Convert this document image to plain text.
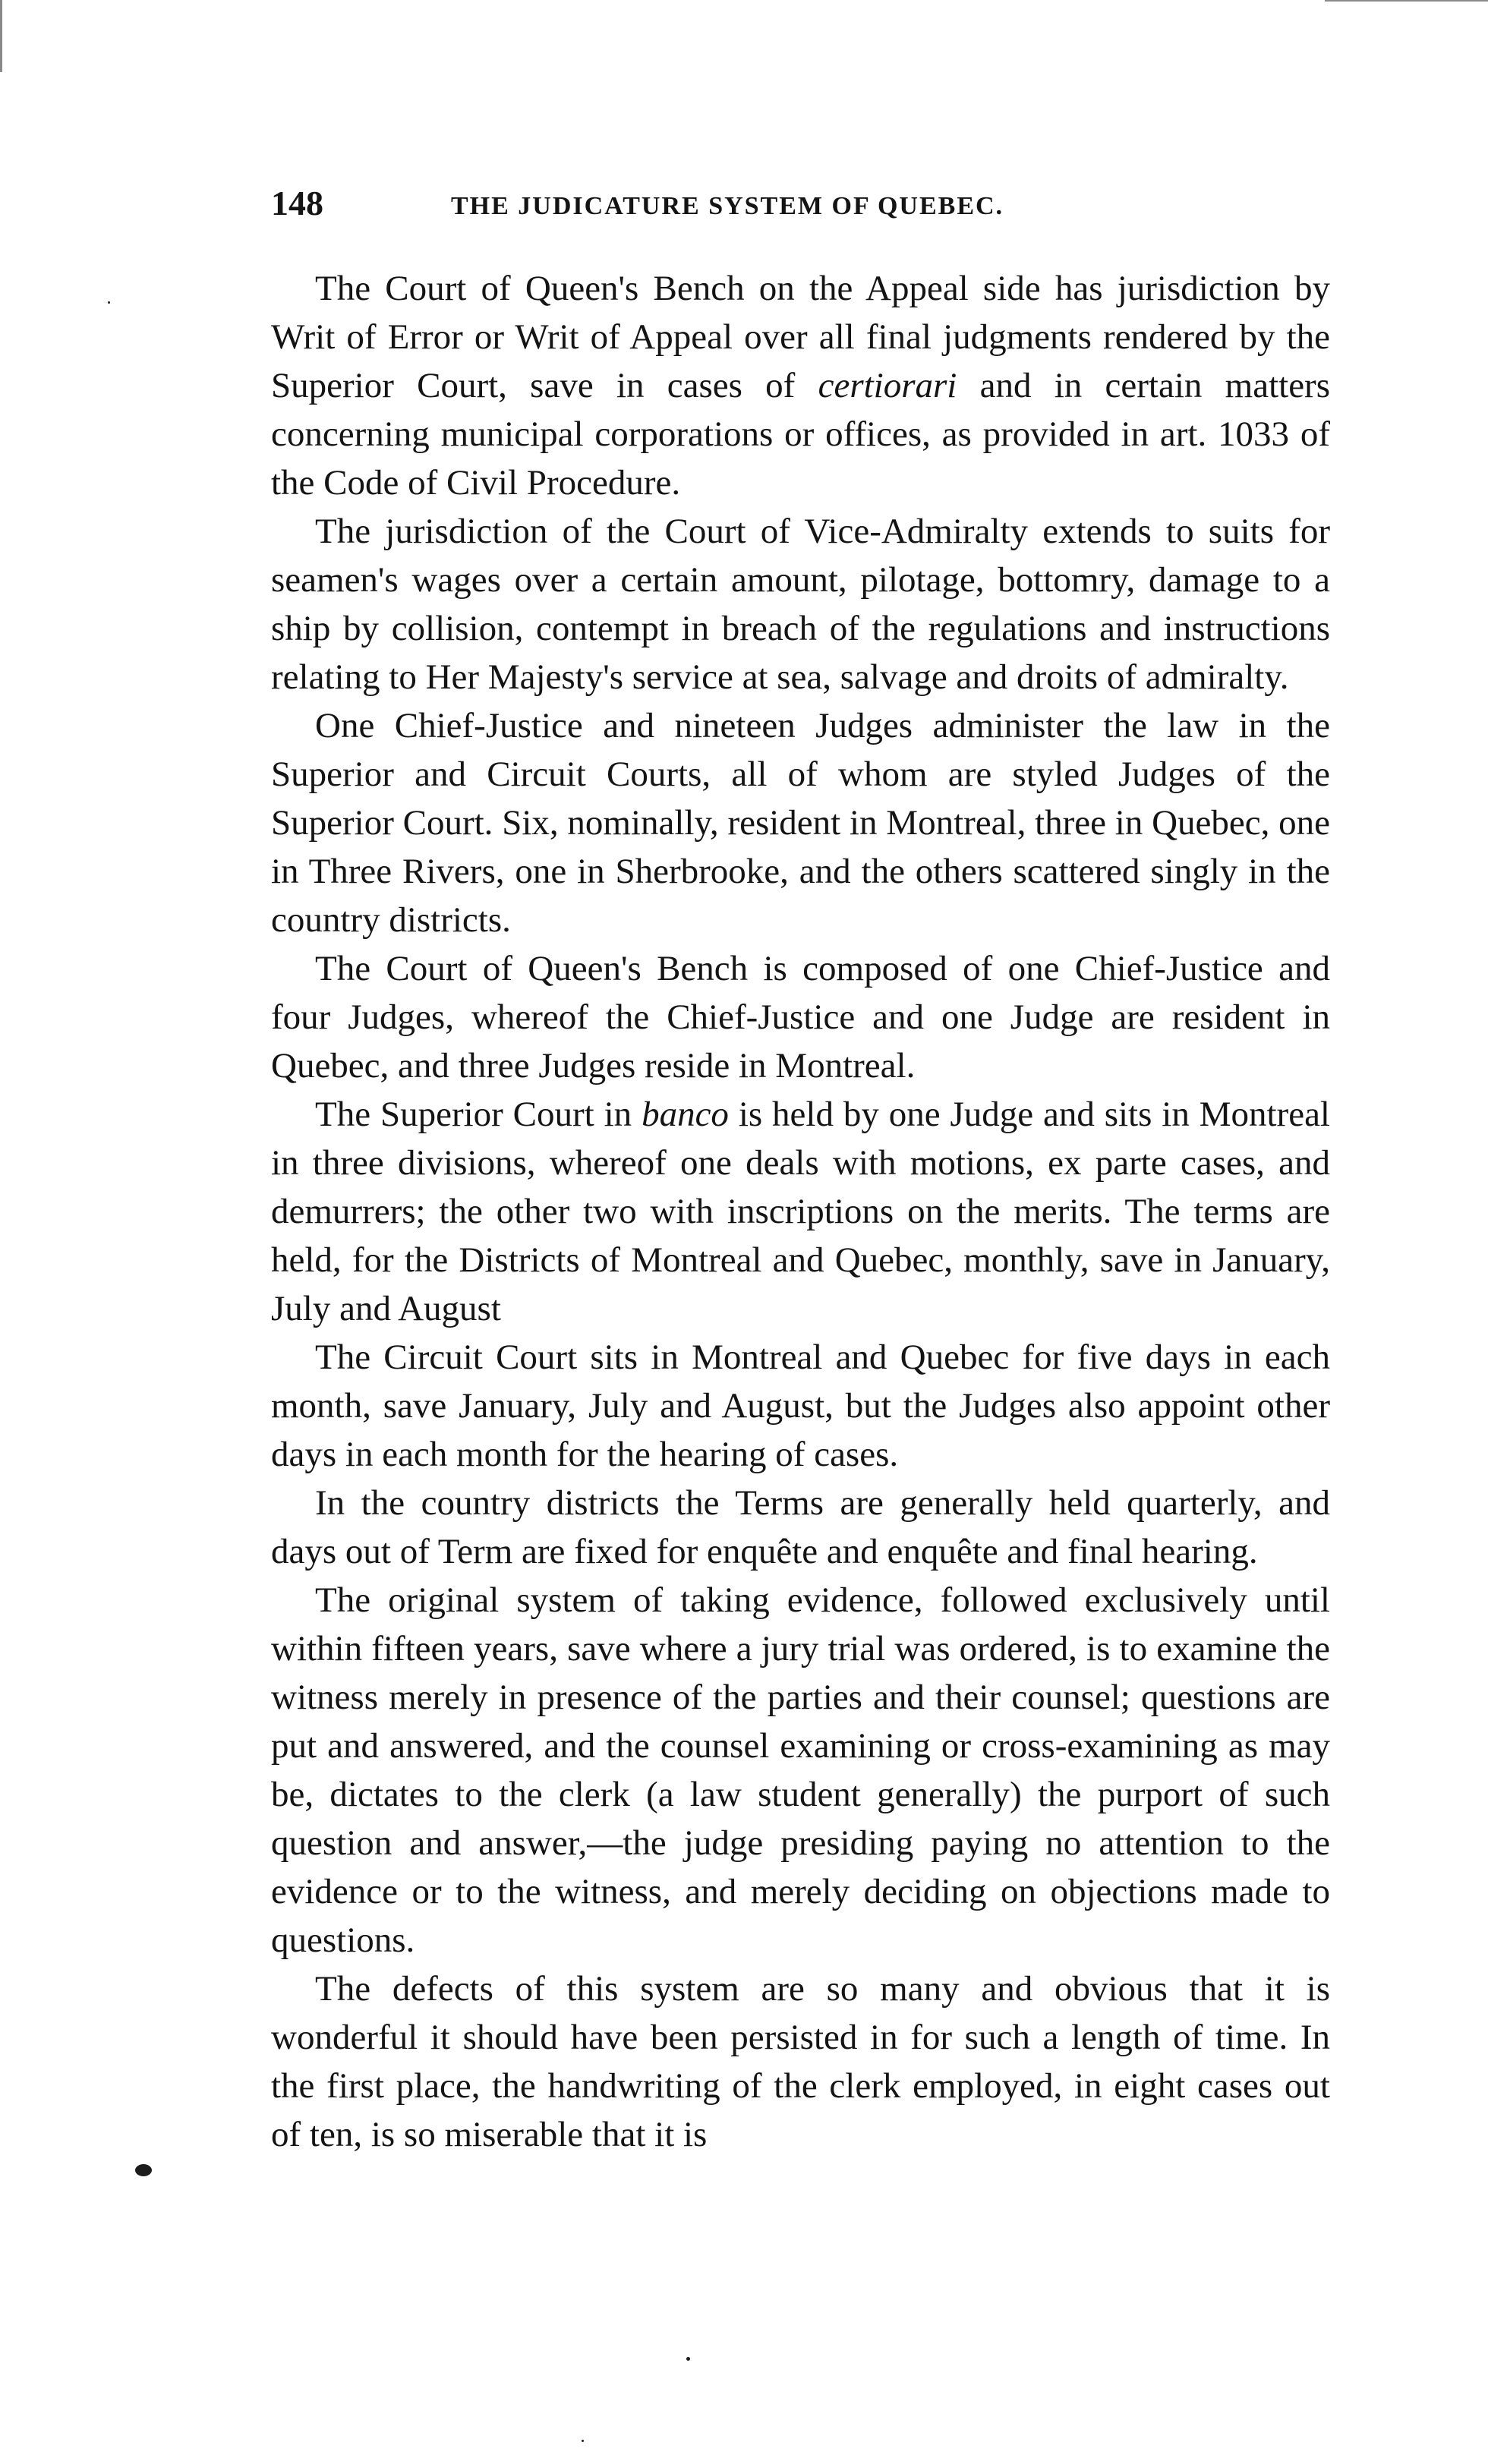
148	THE JUDICATURE SYSTEM OF QUEBEC.

The Court of Queen's Bench on the Appeal side has jurisdiction by Writ of Error or Writ of Appeal over all final judgments rendered by the Superior Court, save in cases of certiorari and in certain matters concerning municipal corporations or offices, as provided in art. 1033 of the Code of Civil Procedure.

The jurisdiction of the Court of Vice-Admiralty extends to suits for seamen's wages over a certain amount, pilotage, bottomry, damage to a ship by collision, contempt in breach of the regulations and instructions relating to Her Majesty's service at sea, salvage and droits of admiralty.

One Chief-Justice and nineteen Judges administer the law in the Superior and Circuit Courts, all of whom are styled Judges of the Superior Court. Six, nominally, resident in Montreal, three in Quebec, one in Three Rivers, one in Sherbrooke, and the others scattered singly in the country districts.

The Court of Queen's Bench is composed of one Chief-Justice and four Judges, whereof the Chief-Justice and one Judge are resident in Quebec, and three Judges reside in Montreal.

The Superior Court in banco is held by one Judge and sits in Montreal in three divisions, whereof one deals with motions, ex parte cases, and demurrers; the other two with inscriptions on the merits. The terms are held, for the Districts of Montreal and Quebec, monthly, save in January, July and August

The Circuit Court sits in Montreal and Quebec for five days in each month, save January, July and August, but the Judges also appoint other days in each month for the hearing of cases.

In the country districts the Terms are generally held quarterly, and days out of Term are fixed for enquête and enquête and final hearing.

The original system of taking evidence, followed exclusively until within fifteen years, save where a jury trial was ordered, is to examine the witness merely in presence of the parties and their counsel; questions are put and answered, and the counsel examining or cross-examining as may be, dictates to the clerk (a law student generally) the purport of such question and answer,—the judge presiding paying no attention to the evidence or to the witness, and merely deciding on objections made to questions.

The defects of this system are so many and obvious that it is wonderful it should have been persisted in for such a length of time. In the first place, the handwriting of the clerk employed, in eight cases out of ten, is so miserable that it is
